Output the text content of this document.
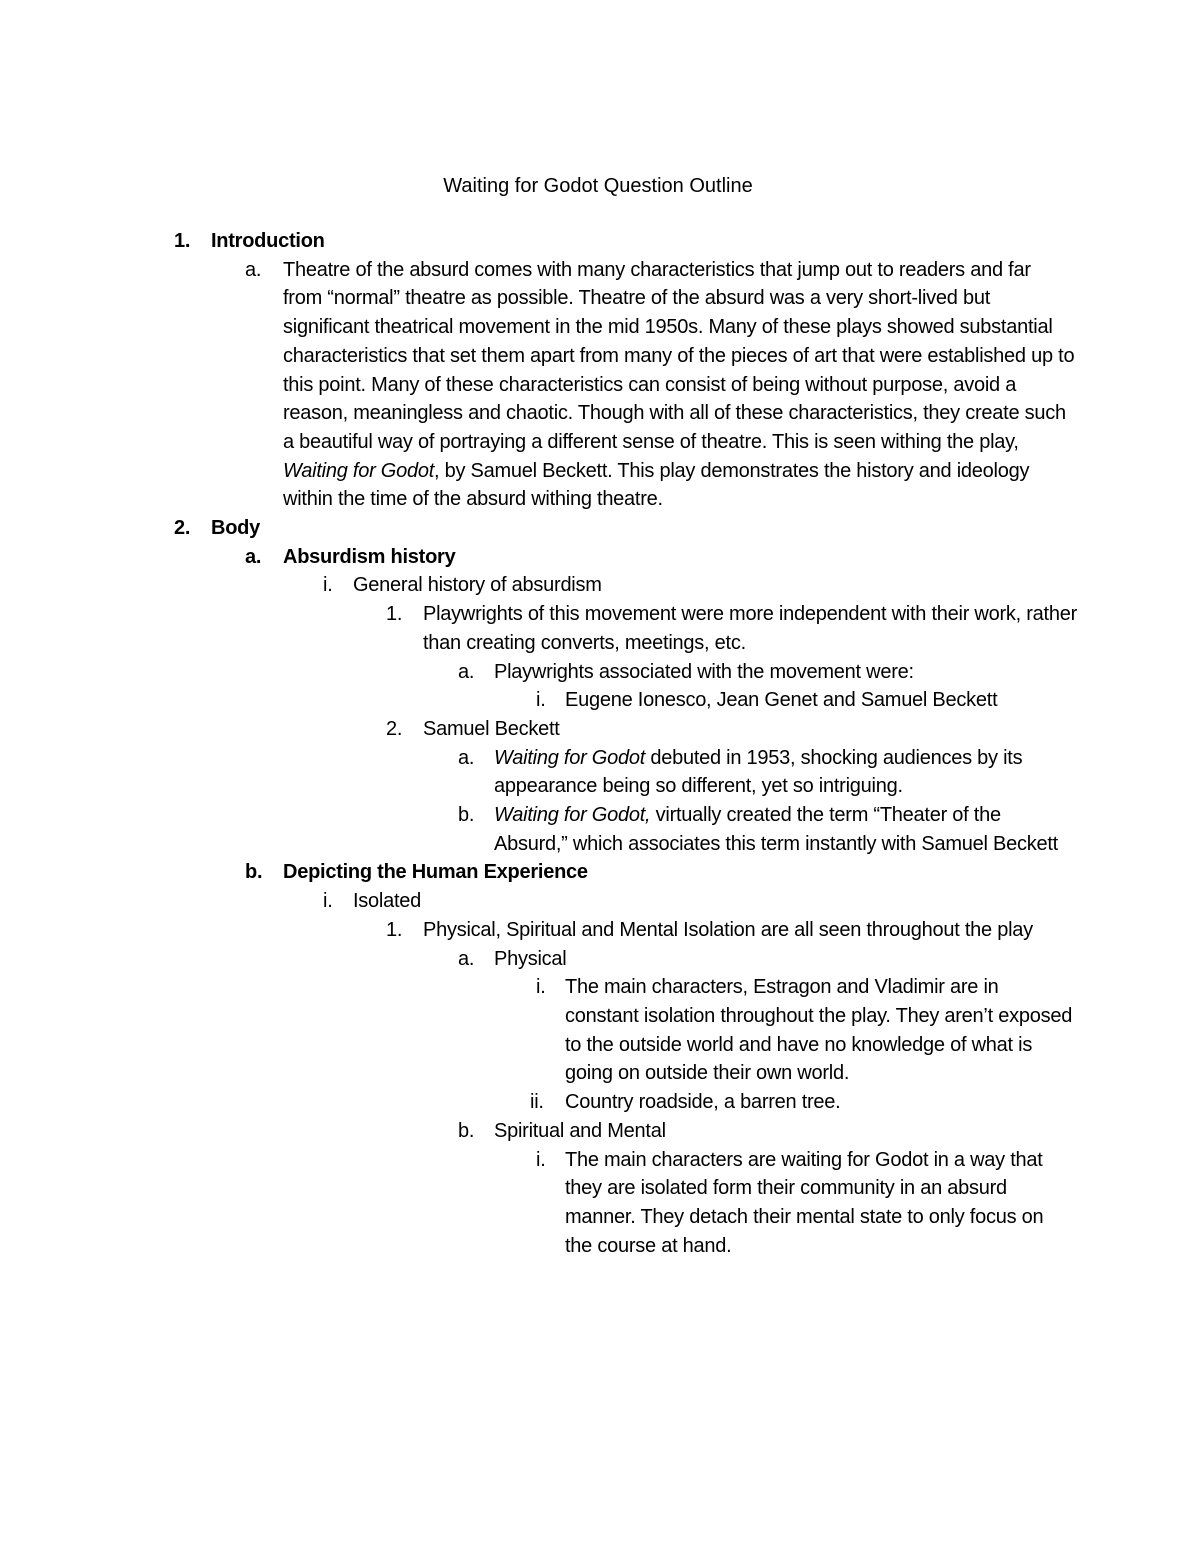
Waiting for Godot Question Outline
1. Introduction
a. Theatre of the absurd comes with many characteristics that jump out to readers and far from “normal” theatre as possible. Theatre of the absurd was a very short-lived but significant theatrical movement in the mid 1950s. Many of these plays showed substantial characteristics that set them apart from many of the pieces of art that were established up to this point. Many of these characteristics can consist of being without purpose, avoid a reason, meaningless and chaotic. Though with all of these characteristics, they create such a beautiful way of portraying a different sense of theatre. This is seen withing the play, Waiting for Godot, by Samuel Beckett. This play demonstrates the history and ideology within the time of the absurd withing theatre.
2. Body
a. Absurdism history
i. General history of absurdism
1. Playwrights of this movement were more independent with their work, rather than creating converts, meetings, etc.
a. Playwrights associated with the movement were:
i. Eugene Ionesco, Jean Genet and Samuel Beckett
2. Samuel Beckett
a. Waiting for Godot debuted in 1953, shocking audiences by its appearance being so different, yet so intriguing.
b. Waiting for Godot, virtually created the term “Theater of the Absurd,” which associates this term instantly with Samuel Beckett
b. Depicting the Human Experience
i. Isolated
1. Physical, Spiritual and Mental Isolation are all seen throughout the play
a. Physical
i. The main characters, Estragon and Vladimir are in constant isolation throughout the play. They aren’t exposed to the outside world and have no knowledge of what is going on outside their own world.
ii. Country roadside, a barren tree.
b. Spiritual and Mental
i. The main characters are waiting for Godot in a way that they are isolated form their community in an absurd manner. They detach their mental state to only focus on the course at hand.
